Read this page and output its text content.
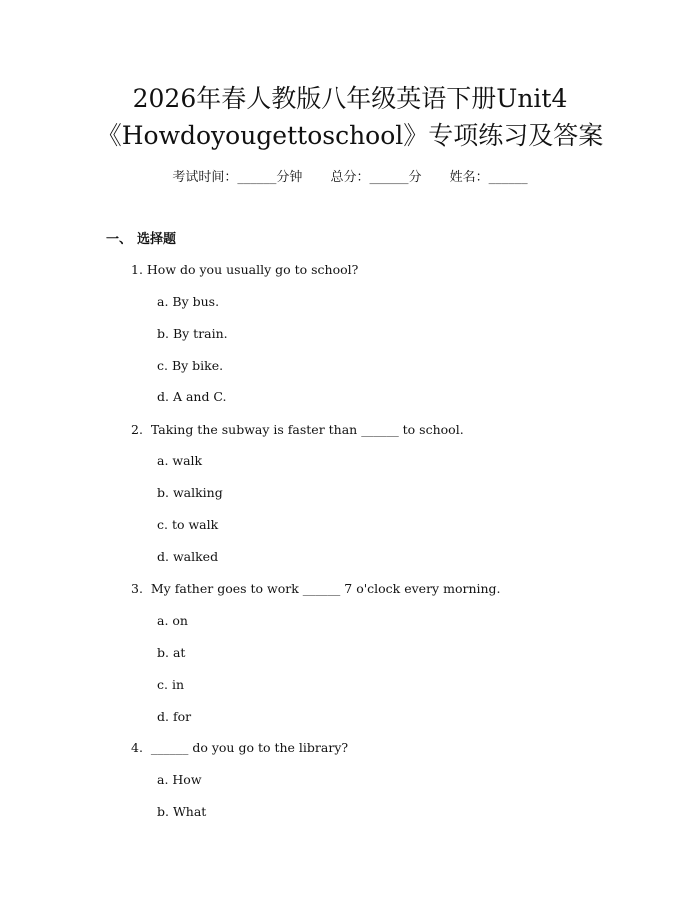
2026年春人教版八年级英语下册Unit4
《Howdoyougettoschool》专项练习及答案
考试时间：______分钟 总分：______分 姓名：______
一、 选择题
1. How do you usually go to school?
a. By bus.
b. By train.
c. By bike.
d. A and C.
2.  Taking the subway is faster than ______ to school.
a. walk
b. walking
c. to walk
d. walked
3.  My father goes to work ______ 7 o'clock every morning.
a. on
b. at
c. in
d. for
4.  ______ do you go to the library?
a. How
b. What
